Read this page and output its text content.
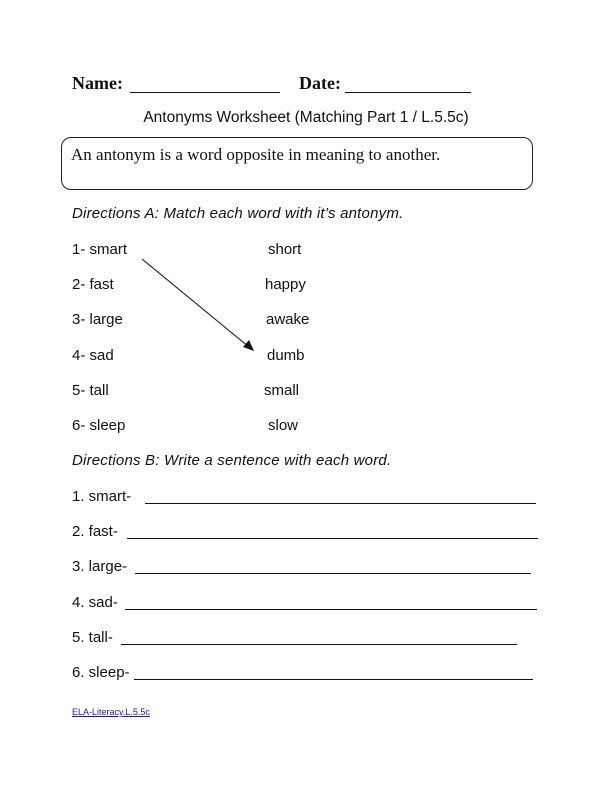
Name:	Date:
Antonyms Worksheet (Matching Part 1 / L.5.5c)
An antonym is a word opposite in meaning to another.
Directions A: Match each word with it’s antonym.
1- smart
2- fast
3- large
4- sad
5- tall
6- sleep
short
happy
awake
dumb
small
slow
Directions B: Write a sentence with each word.
1. smart-
2. fast-
3. large-
4. sad-
5. tall-
6. sleep-
ELA-Literacy.L.5.5c
